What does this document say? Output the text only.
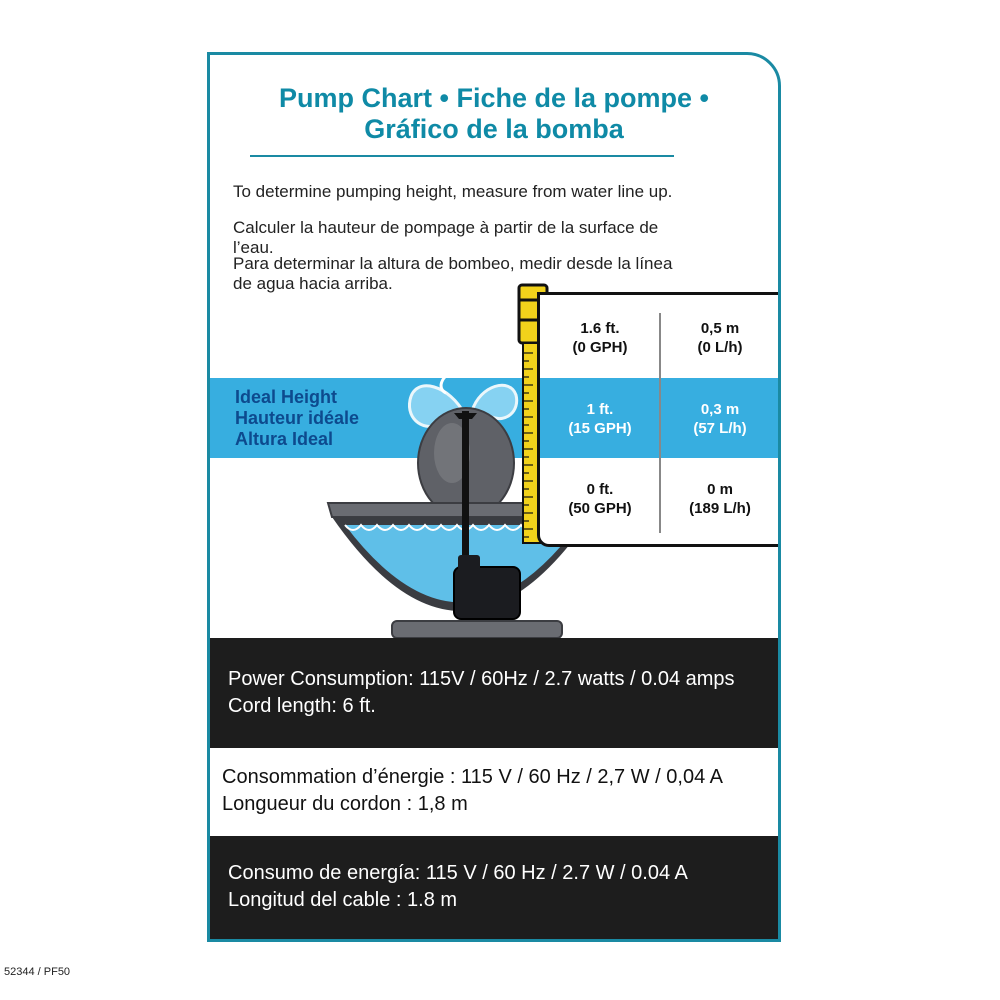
Pump Chart • Fiche de la pompe •
Gráfico de la bomba
To determine pumping height, measure from water line up.
Calculer la hauteur de pompage à partir de la surface de l’eau.
Para determinar la altura de bombeo, medir desde la línea de agua hacia arriba.
Ideal Height
Hauteur idéale
Altura Ideal
1.6 ft.
(0 GPH)
0,5 m
(0 L/h)
1 ft.
(15 GPH)
0,3 m
(57 L/h)
0 ft.
(50 GPH)
0 m
(189 L/h)
Power Consumption: 115V / 60Hz / 2.7 watts / 0.04 amps
Cord length: 6 ft.
Consommation d’énergie : 115 V / 60 Hz / 2,7 W / 0,04 A
Longueur du cordon : 1,8 m
Consumo de energía: 115 V / 60 Hz / 2.7 W / 0.04 A
Longitud del cable : 1.8 m
52344 / PF50
